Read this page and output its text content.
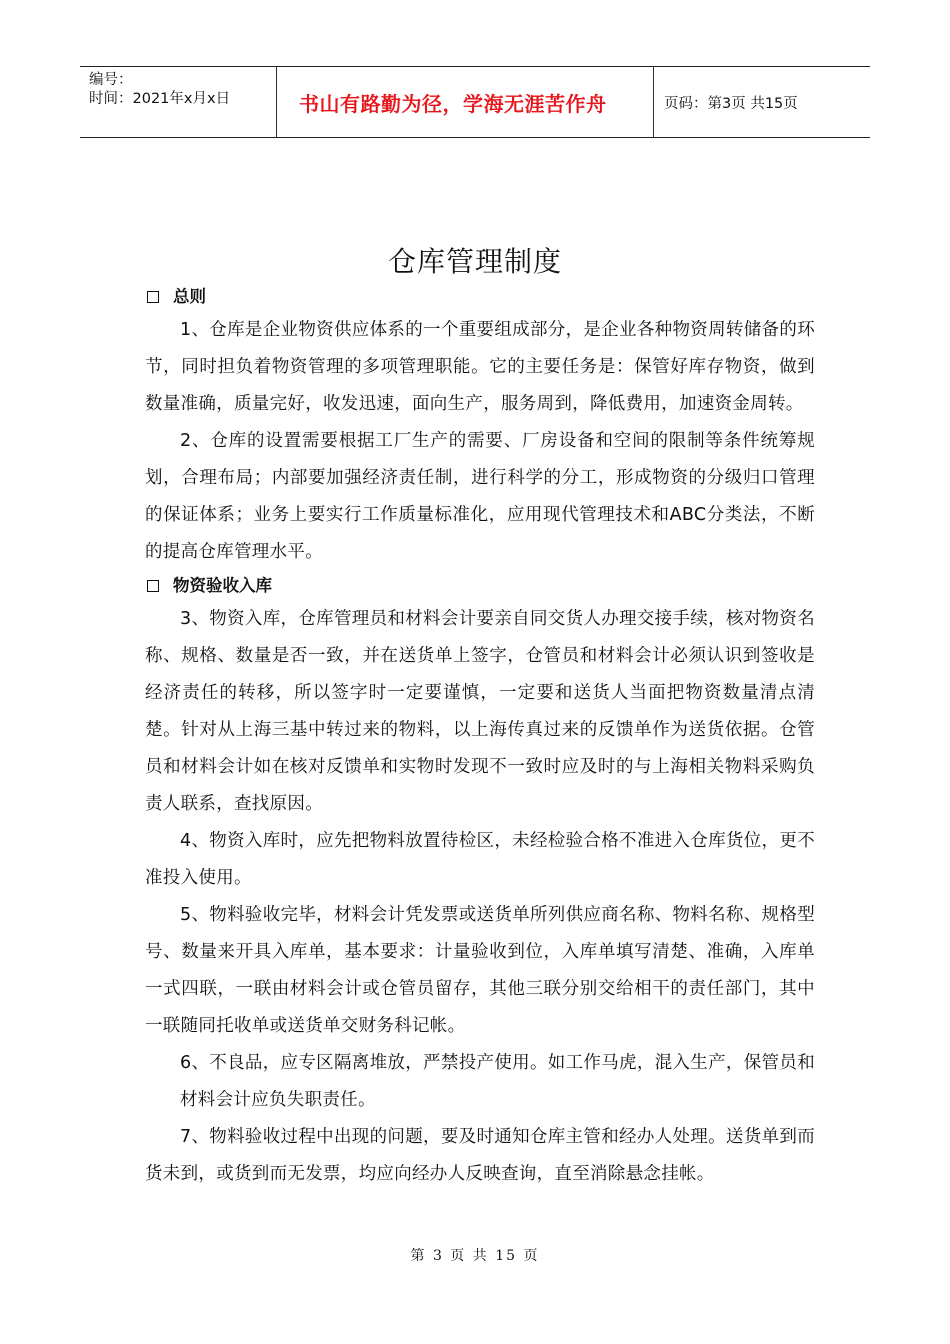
编号：
时间：2021年x月x日	书山有路勤为径，学海无涯苦作舟	页码：第3页 共15页
仓库管理制度
总则

1、仓库是企业物资供应体系的一个重要组成部分，是企业各种物资周转储备的环节，同时担负着物资管理的多项管理职能。它的主要任务是：保管好库存物资，做到数量准确，质量完好，收发迅速，面向生产，服务周到，降低费用，加速资金周转。

2、仓库的设置需要根据工厂生产的需要、厂房设备和空间的限制等条件统筹规划，合理布局；内部要加强经济责任制，进行科学的分工，形成物资的分级归口管理的保证体系；业务上要实行工作质量标准化，应用现代管理技术和ABC分类法，不断的提高仓库管理水平。

物资验收入库

3、物资入库，仓库管理员和材料会计要亲自同交货人办理交接手续，核对物资名称、规格、数量是否一致，并在送货单上签字，仓管员和材料会计必须认识到签收是经济责任的转移，所以签字时一定要谨慎，一定要和送货人当面把物资数量清点清楚。针对从上海三基中转过来的物料，以上海传真过来的反馈单作为送货依据。仓管员和材料会计如在核对反馈单和实物时发现不一致时应及时的与上海相关物料采购负责人联系，查找原因。

4、物资入库时，应先把物料放置待检区，未经检验合格不准进入仓库货位，更不准投入使用。

5、物料验收完毕，材料会计凭发票或送货单所列供应商名称、物料名称、规格型号、数量来开具入库单，基本要求：计量验收到位，入库单填写清楚、准确，入库单一式四联，一联由材料会计或仓管员留存，其他三联分别交给相干的责任部门，其中一联随同托收单或送货单交财务科记帐。

6、不良品，应专区隔离堆放，严禁投产使用。如工作马虎，混入生产，保管员和材料会计应负失职责任。

7、物料验收过程中出现的问题，要及时通知仓库主管和经办人处理。送货单到而货未到，或货到而无发票，均应向经办人反映查询，直至消除悬念挂帐。

第 3 页 共 15 页
